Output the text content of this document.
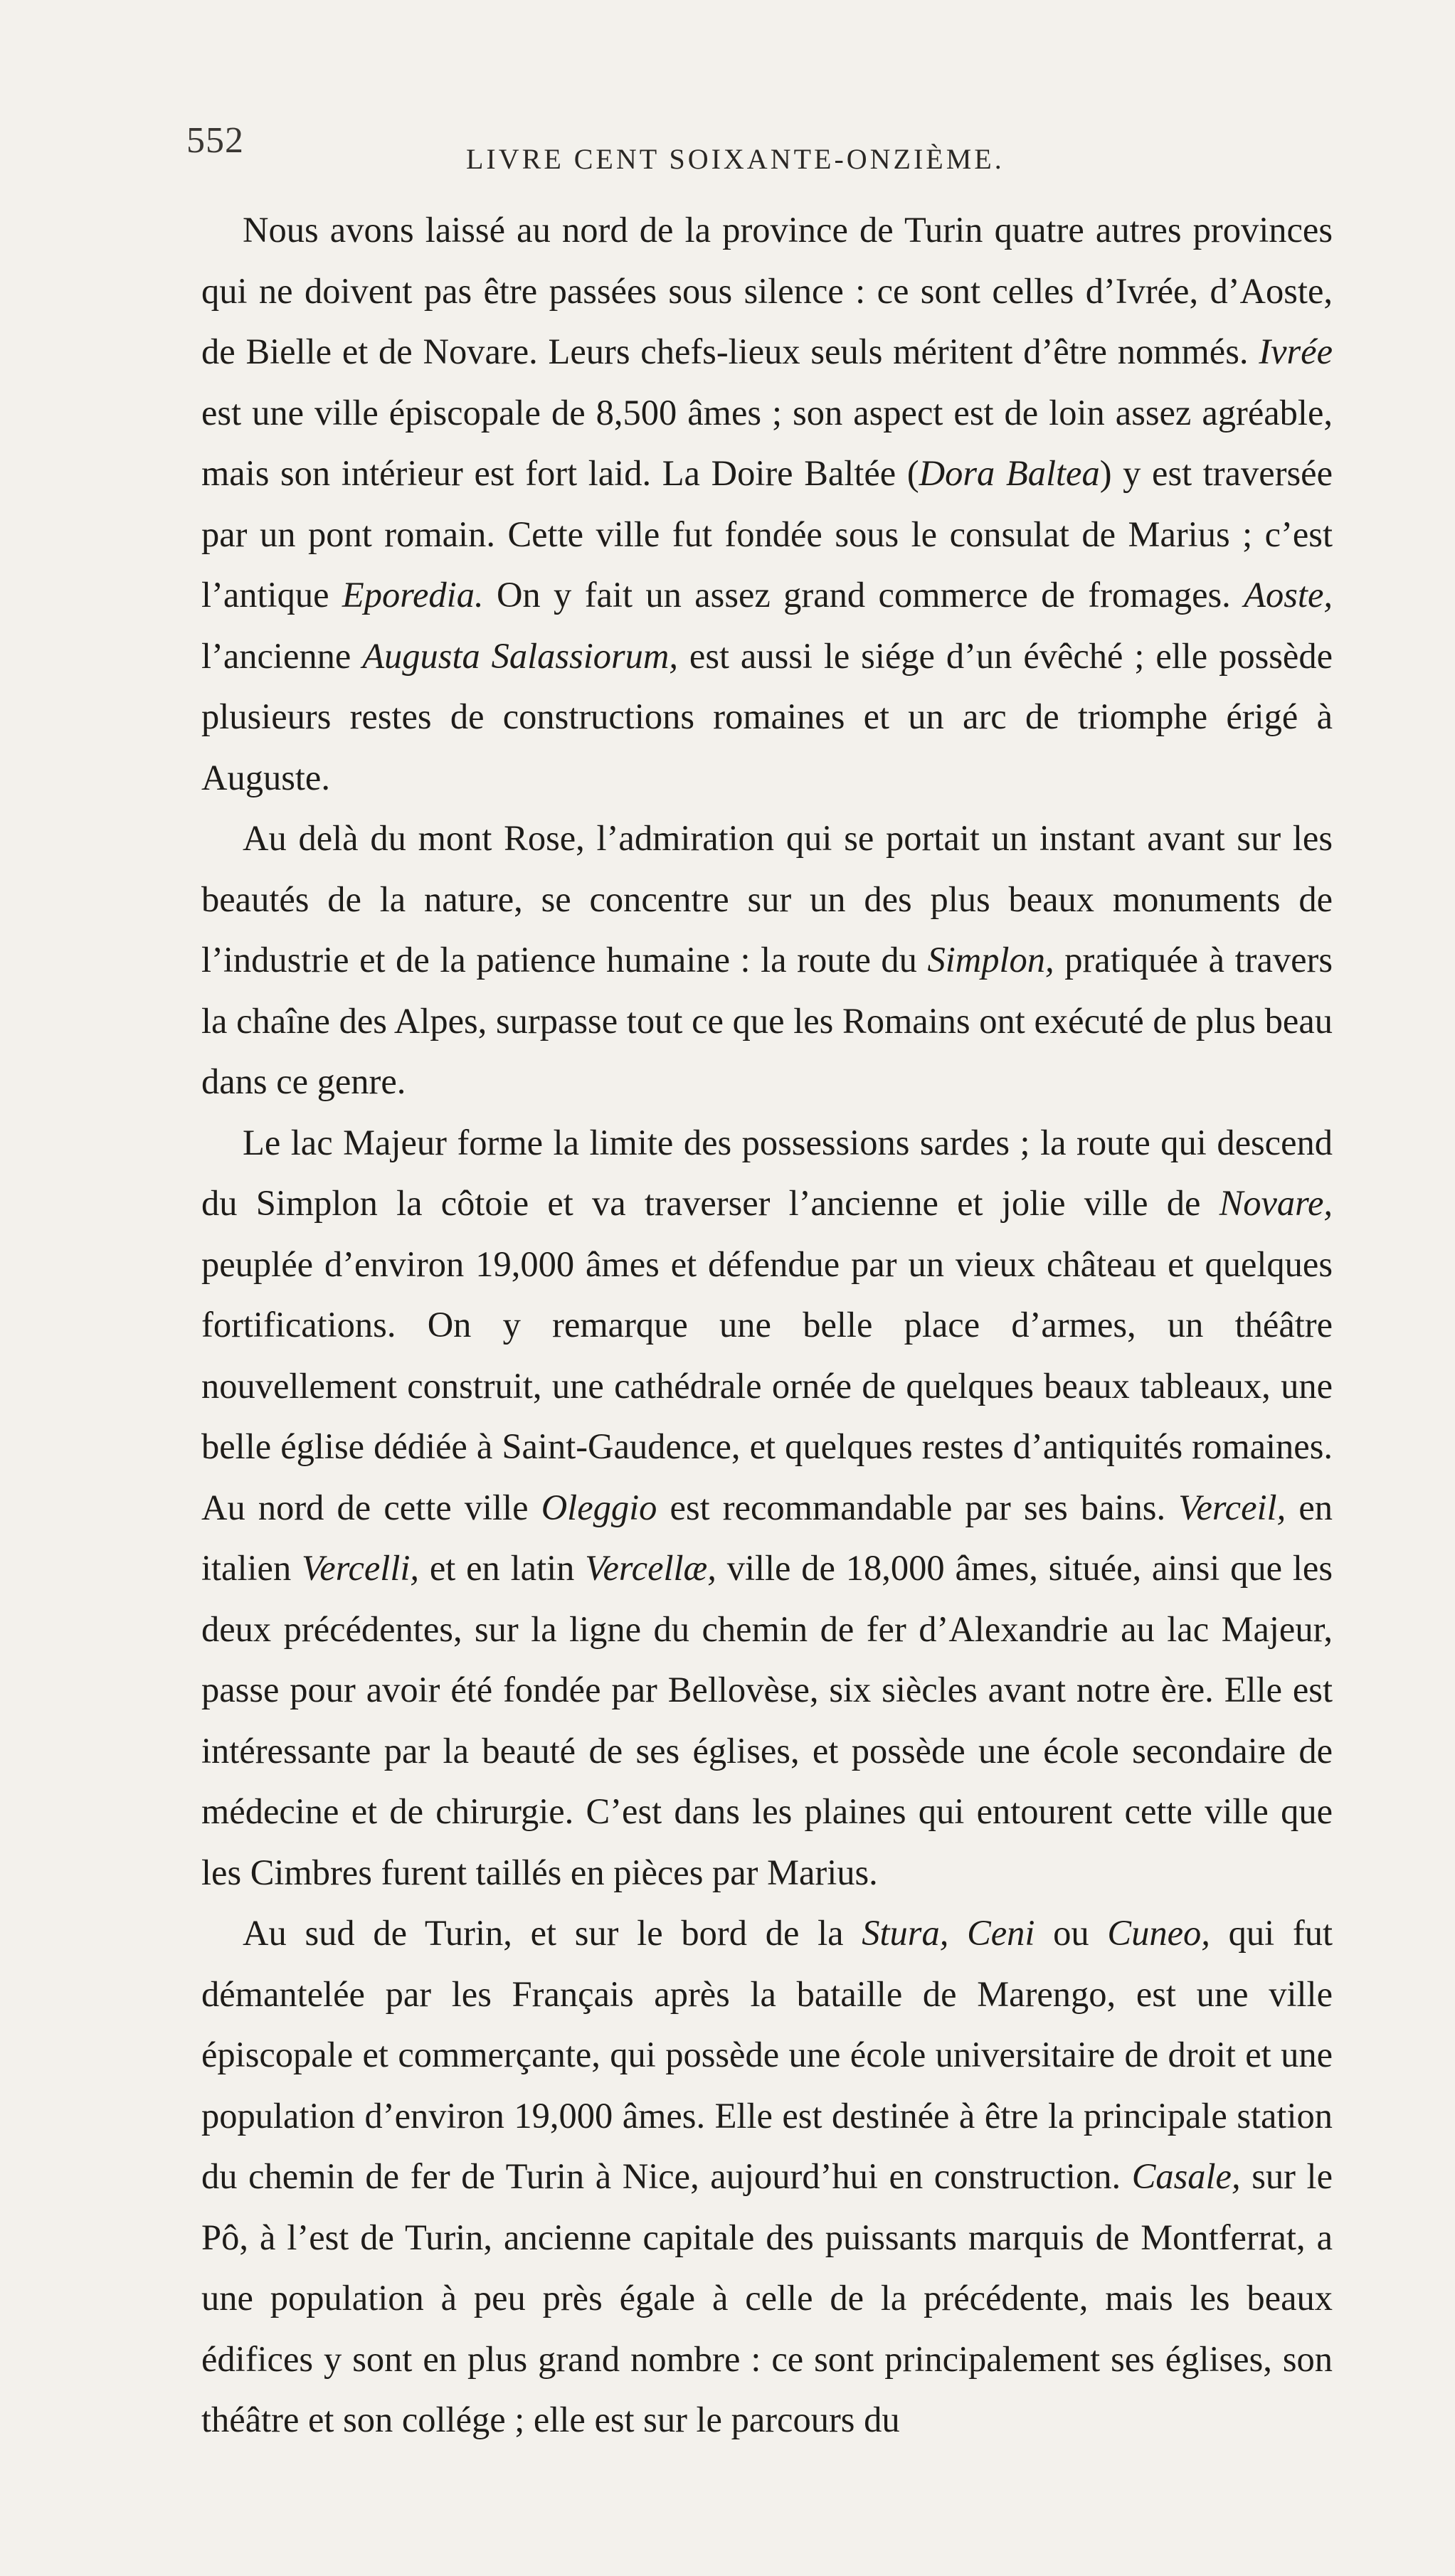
552	LIVRE CENT SOIXANTE-ONZIÈME.

Nous avons laissé au nord de la province de Turin quatre autres provinces qui ne doivent pas être passées sous silence : ce sont celles d’Ivrée, d’Aoste, de Bielle et de Novare. Leurs chefs-lieux seuls méritent d’être nommés. Ivrée est une ville épiscopale de 8,500 âmes ; son aspect est de loin assez agréable, mais son intérieur est fort laid. La Doire Baltée (Dora Baltea) y est traversée par un pont romain. Cette ville fut fondée sous le consulat de Marius ; c’est l’antique Eporedia. On y fait un assez grand commerce de fromages. Aoste, l’ancienne Augusta Salassiorum, est aussi le siége d’un évêché ; elle possède plusieurs restes de constructions romaines et un arc de triomphe érigé à Auguste.

Au delà du mont Rose, l’admiration qui se portait un instant avant sur les beautés de la nature, se concentre sur un des plus beaux monuments de l’industrie et de la patience humaine : la route du Simplon, pratiquée à travers la chaîne des Alpes, surpasse tout ce que les Romains ont exécuté de plus beau dans ce genre.

Le lac Majeur forme la limite des possessions sardes ; la route qui descend du Simplon la côtoie et va traverser l’ancienne et jolie ville de Novare, peuplée d’environ 19,000 âmes et défendue par un vieux château et quelques fortifications. On y remarque une belle place d’armes, un théâtre nouvellement construit, une cathédrale ornée de quelques beaux tableaux, une belle église dédiée à Saint-Gaudence, et quelques restes d’antiquités romaines. Au nord de cette ville Oleggio est recommandable par ses bains. Verceil, en italien Vercelli, et en latin Vercellæ, ville de 18,000 âmes, située, ainsi que les deux précédentes, sur la ligne du chemin de fer d’Alexandrie au lac Majeur, passe pour avoir été fondée par Bellovèse, six siècles avant notre ère. Elle est intéressante par la beauté de ses églises, et possède une école secondaire de médecine et de chirurgie. C’est dans les plaines qui entourent cette ville que les Cimbres furent taillés en pièces par Marius.

Au sud de Turin, et sur le bord de la Stura, Ceni ou Cuneo, qui fut démantelée par les Français après la bataille de Marengo, est une ville épiscopale et commerçante, qui possède une école universitaire de droit et une population d’environ 19,000 âmes. Elle est destinée à être la principale station du chemin de fer de Turin à Nice, aujourd’hui en construction. Casale, sur le Pô, à l’est de Turin, ancienne capitale des puissants marquis de Montferrat, a une population à peu près égale à celle de la précédente, mais les beaux édifices y sont en plus grand nombre : ce sont principalement ses églises, son théâtre et son collége ; elle est sur le parcours du
